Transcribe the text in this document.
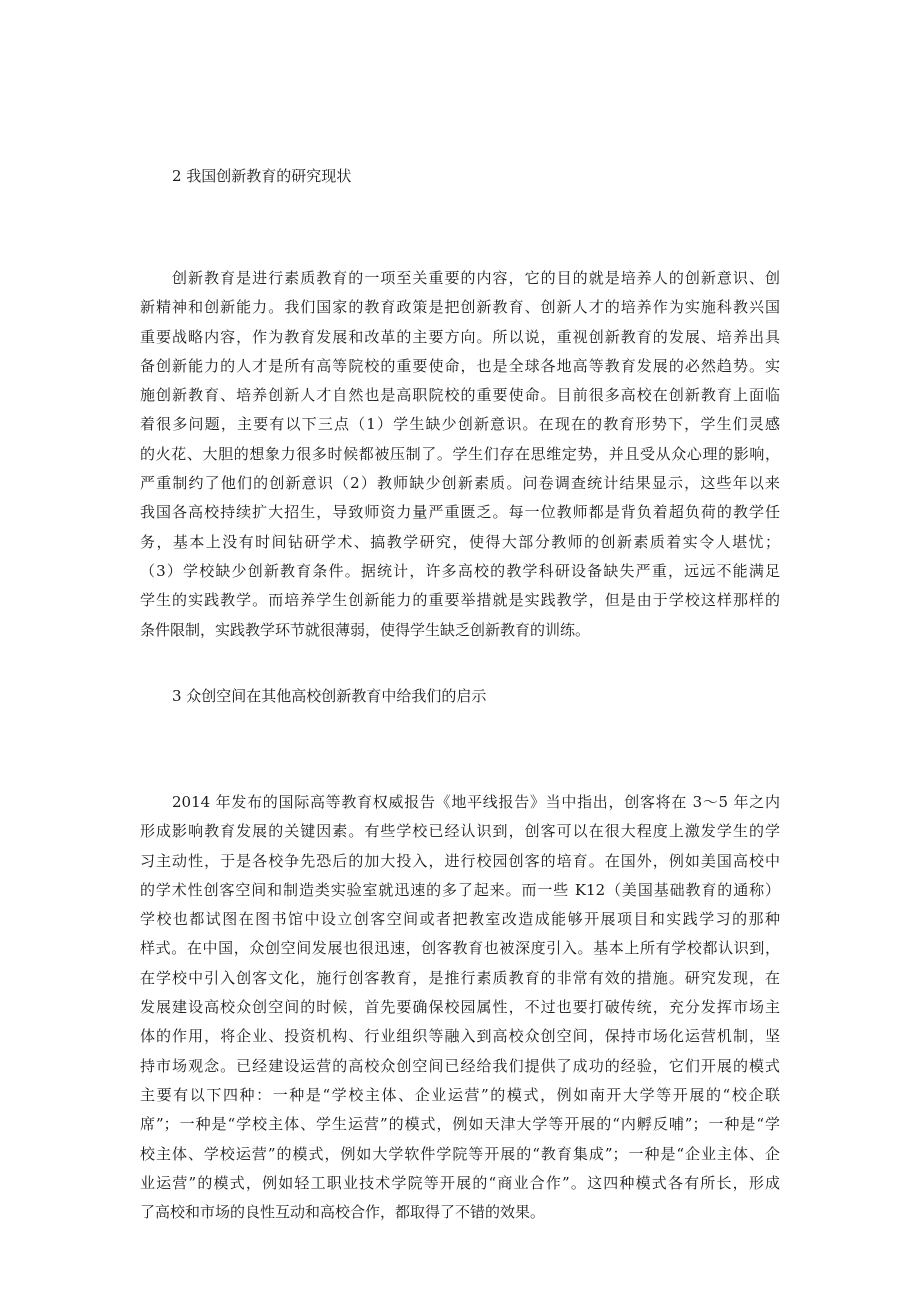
2 我国创新教育的研究现状
创新教育是进行素质教育的一项至关重要的内容，它的目的就是培养人的创新意识、创
新精神和创新能力。我们国家的教育政策是把创新教育、创新人才的培养作为实施科教兴国
重要战略内容，作为教育发展和改革的主要方向。所以说，重视创新教育的发展、培养出具
备创新能力的人才是所有高等院校的重要使命，也是全球各地高等教育发展的必然趋势。实
施创新教育、培养创新人才自然也是高职院校的重要使命。目前很多高校在创新教育上面临
着很多问题，主要有以下三点（1）学生缺少创新意识。在现在的教育形势下，学生们灵感
的火花、大胆的想象力很多时候都被压制了。学生们存在思维定势，并且受从众心理的影响，
严重制约了他们的创新意识（2）教师缺少创新素质。问卷调查统计结果显示，这些年以来
我国各高校持续扩大招生，导致师资力量严重匮乏。每一位教师都是背负着超负荷的教学任
务，基本上没有时间钻研学术、搞教学研究，使得大部分教师的创新素质着实令人堪忧；
（3）学校缺少创新教育条件。据统计，许多高校的教学科研设备缺失严重，远远不能满足
学生的实践教学。而培养学生创新能力的重要举措就是实践教学，但是由于学校这样那样的
条件限制，实践教学环节就很薄弱，使得学生缺乏创新教育的训练。
3 众创空间在其他高校创新教育中给我们的启示
2014 年发布的国际高等教育权威报告《地平线报告》当中指出，创客将在 3～5 年之内
形成影响教育发展的关键因素。有些学校已经认识到，创客可以在很大程度上激发学生的学
习主动性，于是各校争先恐后的加大投入，进行校园创客的培育。在国外，例如美国高校中
的学术性创客空间和制造类实验室就迅速的多了起来。而一些 K12（美国基础教育的通称）
学校也都试图在图书馆中设立创客空间或者把教室改造成能够开展项目和实践学习的那种
样式。在中国，众创空间发展也很迅速，创客教育也被深度引入。基本上所有学校都认识到，
在学校中引入创客文化，施行创客教育，是推行素质教育的非常有效的措施。研究发现，在
发展建设高校众创空间的时候，首先要确保校园属性，不过也要打破传统，充分发挥市场主
体的作用，将企业、投资机构、行业组织等融入到高校众创空间，保持市场化运营机制，坚
持市场观念。已经建设运营的高校众创空间已经给我们提供了成功的经验，它们开展的模式
主要有以下四种：一种是“学校主体、企业运营”的模式，例如南开大学等开展的“校企联
席”；一种是“学校主体、学生运营”的模式，例如天津大学等开展的“内孵反哺”；一种是“学
校主体、学校运营”的模式，例如大学软件学院等开展的“教育集成”；一种是“企业主体、企
业运营”的模式，例如轻工职业技术学院等开展的“商业合作”。这四种模式各有所长，形成
了高校和市场的良性互动和高校合作，都取得了不错的效果。
